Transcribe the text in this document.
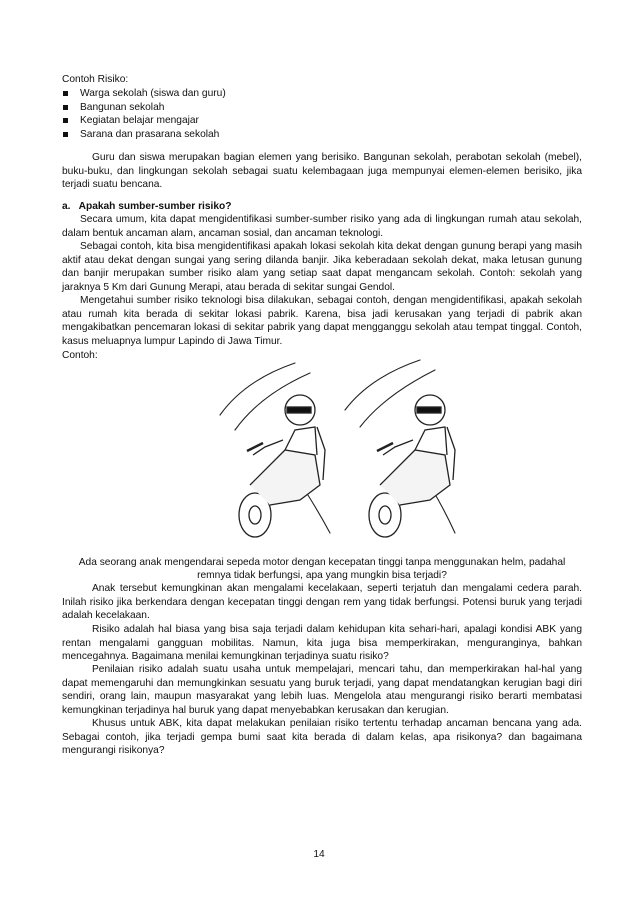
Contoh Risiko:

Warga sekolah (siswa dan guru)
Bangunan sekolah
Kegiatan belajar mengajar
Sarana dan prasarana sekolah

Guru dan siswa merupakan bagian elemen yang berisiko. Bangunan sekolah, perabotan sekolah (mebel), buku-buku, dan lingkungan sekolah sebagai suatu kelembagaan juga mempunyai elemen-elemen berisiko, jika terjadi suatu bencana.

a.   Apakah sumber-sumber risiko?

Secara umum, kita dapat mengidentifikasi sumber-sumber risiko yang ada di lingkungan rumah atau sekolah, dalam bentuk ancaman alam, ancaman sosial, dan ancaman teknologi.

Sebagai contoh, kita bisa mengidentifikasi apakah lokasi sekolah kita dekat dengan gunung berapi yang masih aktif atau dekat dengan sungai yang sering dilanda banjir. Jika keberadaan sekolah dekat, maka letusan gunung dan banjir merupakan sumber risiko alam yang setiap saat dapat mengancam sekolah. Contoh: sekolah yang jaraknya 5 Km dari Gunung Merapi, atau berada di sekitar sungai Gendol.

Mengetahui sumber risiko teknologi bisa dilakukan, sebagai contoh, dengan mengidentifikasi, apakah sekolah atau rumah kita berada di sekitar lokasi pabrik. Karena, bisa jadi kerusakan yang terjadi di pabrik akan mengakibatkan pencemaran lokasi di sekitar pabrik yang dapat mengganggu sekolah atau tempat tinggal. Contoh, kasus meluapnya lumpur Lapindo di Jawa Timur.

Contoh:

Ada seorang anak mengendarai sepeda motor dengan kecepatan tinggi tanpa menggunakan helm, padahal

remnya tidak berfungsi, apa yang mungkin bisa terjadi?

Anak tersebut kemungkinan akan mengalami kecelakaan, seperti terjatuh dan mengalami cedera parah. Inilah risiko jika berkendara dengan kecepatan tinggi dengan rem yang tidak berfungsi. Potensi buruk yang terjadi adalah kecelakaan.

Risiko adalah hal biasa yang bisa saja terjadi dalam kehidupan kita sehari-hari, apalagi kondisi ABK yang rentan mengalami gangguan mobilitas. Namun, kita juga bisa memperkirakan, menguranginya, bahkan mencegahnya. Bagaimana menilai kemungkinan terjadinya suatu risiko?

Penilaian risiko adalah suatu usaha untuk mempelajari, mencari tahu, dan memperkirakan hal-hal yang dapat memengaruhi dan memungkinkan sesuatu yang buruk terjadi, yang dapat mendatangkan kerugian bagi diri sendiri, orang lain, maupun masyarakat yang lebih luas. Mengelola atau mengurangi risiko berarti membatasi kemungkinan terjadinya hal buruk yang dapat menyebabkan kerusakan dan kerugian.

Khusus untuk ABK, kita dapat melakukan penilaian risiko tertentu terhadap ancaman bencana yang ada. Sebagai contoh, jika terjadi gempa bumi saat kita berada di dalam kelas, apa risikonya? dan bagaimana mengurangi risikonya?

14
